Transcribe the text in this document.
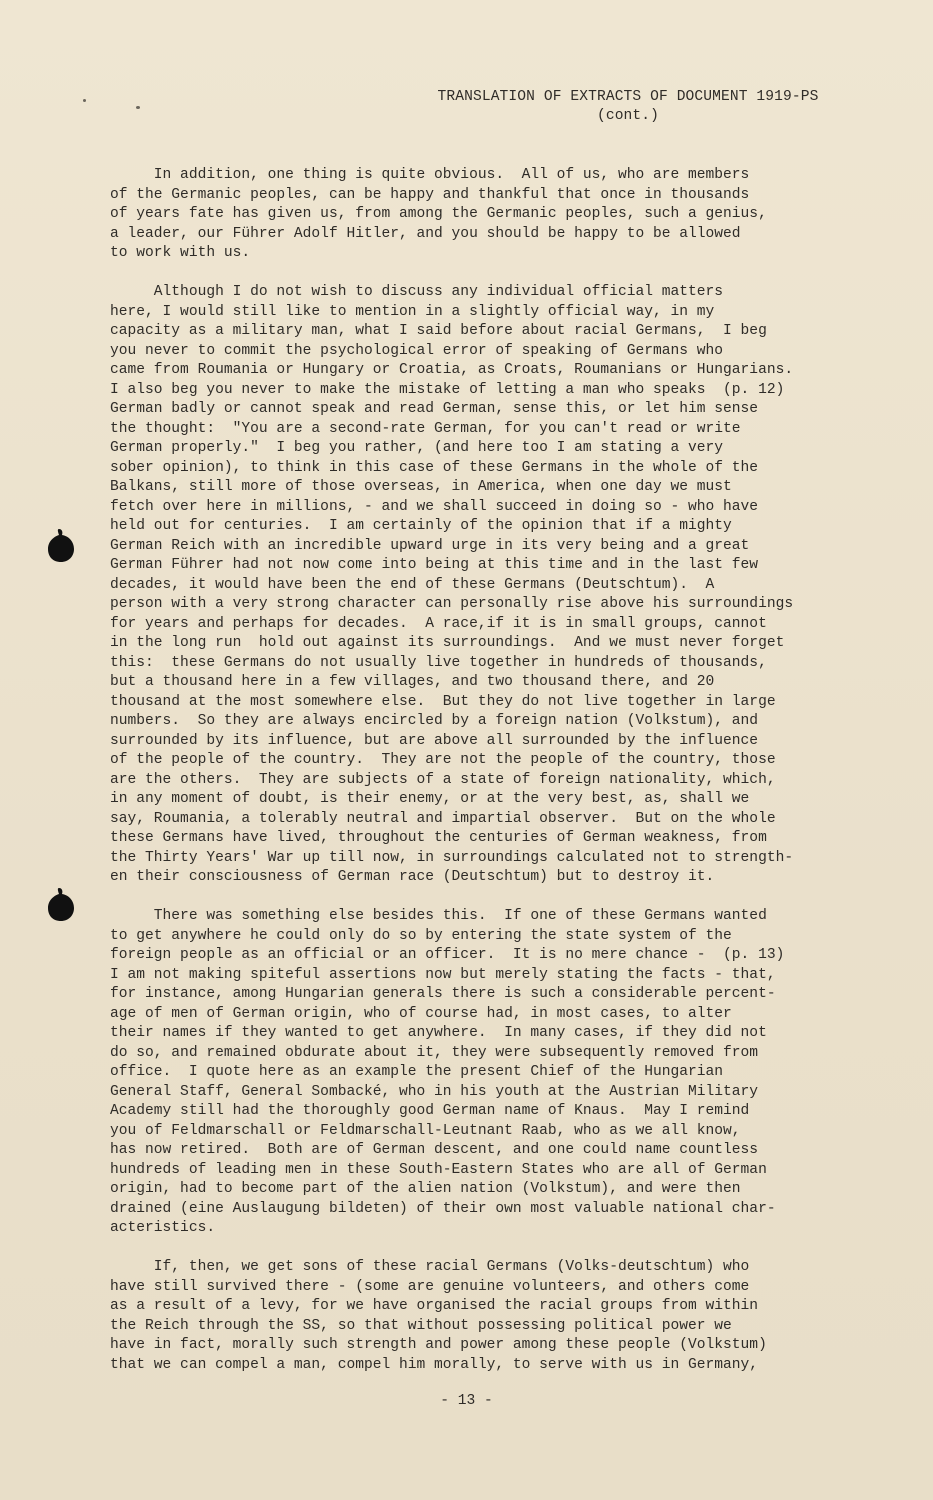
TRANSLATION OF EXTRACTS OF DOCUMENT 1919-PS
(cont.)
In addition, one thing is quite obvious.  All of us, who are members
of the Germanic peoples, can be happy and thankful that once in thousands
of years fate has given us, from among the Germanic peoples, such a genius,
a leader, our Führer Adolf Hitler, and you should be happy to be allowed
to work with us.
Although I do not wish to discuss any individual official matters
here, I would still like to mention in a slightly official way, in my
capacity as a military man, what I said before about racial Germans,  I beg
you never to commit the psychological error of speaking of Germans who
came from Roumania or Hungary or Croatia, as Croats, Roumanians or Hungarians.
I also beg you never to make the mistake of letting a man who speaks  (p. 12)
German badly or cannot speak and read German, sense this, or let him sense
the thought:  "You are a second-rate German, for you can't read or write
German properly."  I beg you rather, (and here too I am stating a very
sober opinion), to think in this case of these Germans in the whole of the
Balkans, still more of those overseas, in America, when one day we must
fetch over here in millions, - and we shall succeed in doing so - who have
held out for centuries.  I am certainly of the opinion that if a mighty
German Reich with an incredible upward urge in its very being and a great
German Führer had not now come into being at this time and in the last few
decades, it would have been the end of these Germans (Deutschtum).  A
person with a very strong character can personally rise above his surroundings
for years and perhaps for decades.  A race,if it is in small groups, cannot
in the long run  hold out against its surroundings.  And we must never forget
this:  these Germans do not usually live together in hundreds of thousands,
but a thousand here in a few villages, and two thousand there, and 20
thousand at the most somewhere else.  But they do not live together in large
numbers.  So they are always encircled by a foreign nation (Volkstum), and
surrounded by its influence, but are above all surrounded by the influence
of the people of the country.  They are not the people of the country, those
are the others.  They are subjects of a state of foreign nationality, which,
in any moment of doubt, is their enemy, or at the very best, as, shall we
say, Roumania, a tolerably neutral and impartial observer.  But on the whole
these Germans have lived, throughout the centuries of German weakness, from
the Thirty Years' War up till now, in surroundings calculated not to strength-
en their consciousness of German race (Deutschtum) but to destroy it.
There was something else besides this.  If one of these Germans wanted
to get anywhere he could only do so by entering the state system of the
foreign people as an official or an officer.  It is no mere chance -  (p. 13)
I am not making spiteful assertions now but merely stating the facts - that,
for instance, among Hungarian generals there is such a considerable percent-
age of men of German origin, who of course had, in most cases, to alter
their names if they wanted to get anywhere.  In many cases, if they did not
do so, and remained obdurate about it, they were subsequently removed from
office.  I quote here as an example the present Chief of the Hungarian
General Staff, General Sombacké, who in his youth at the Austrian Military
Academy still had the thoroughly good German name of Knaus.  May I remind
you of Feldmarschall or Feldmarschall-Leutnant Raab, who as we all know,
has now retired.  Both are of German descent, and one could name countless
hundreds of leading men in these South-Eastern States who are all of German
origin, had to become part of the alien nation (Volkstum), and were then
drained (eine Auslaugung bildeten) of their own most valuable national char-
acteristics.
If, then, we get sons of these racial Germans (Volks-deutschtum) who
have still survived there - (some are genuine volunteers, and others come
as a result of a levy, for we have organised the racial groups from within
the Reich through the SS, so that without possessing political power we
have in fact, morally such strength and power among these people (Volkstum)
that we can compel a man, compel him morally, to serve with us in Germany,
- 13 -
